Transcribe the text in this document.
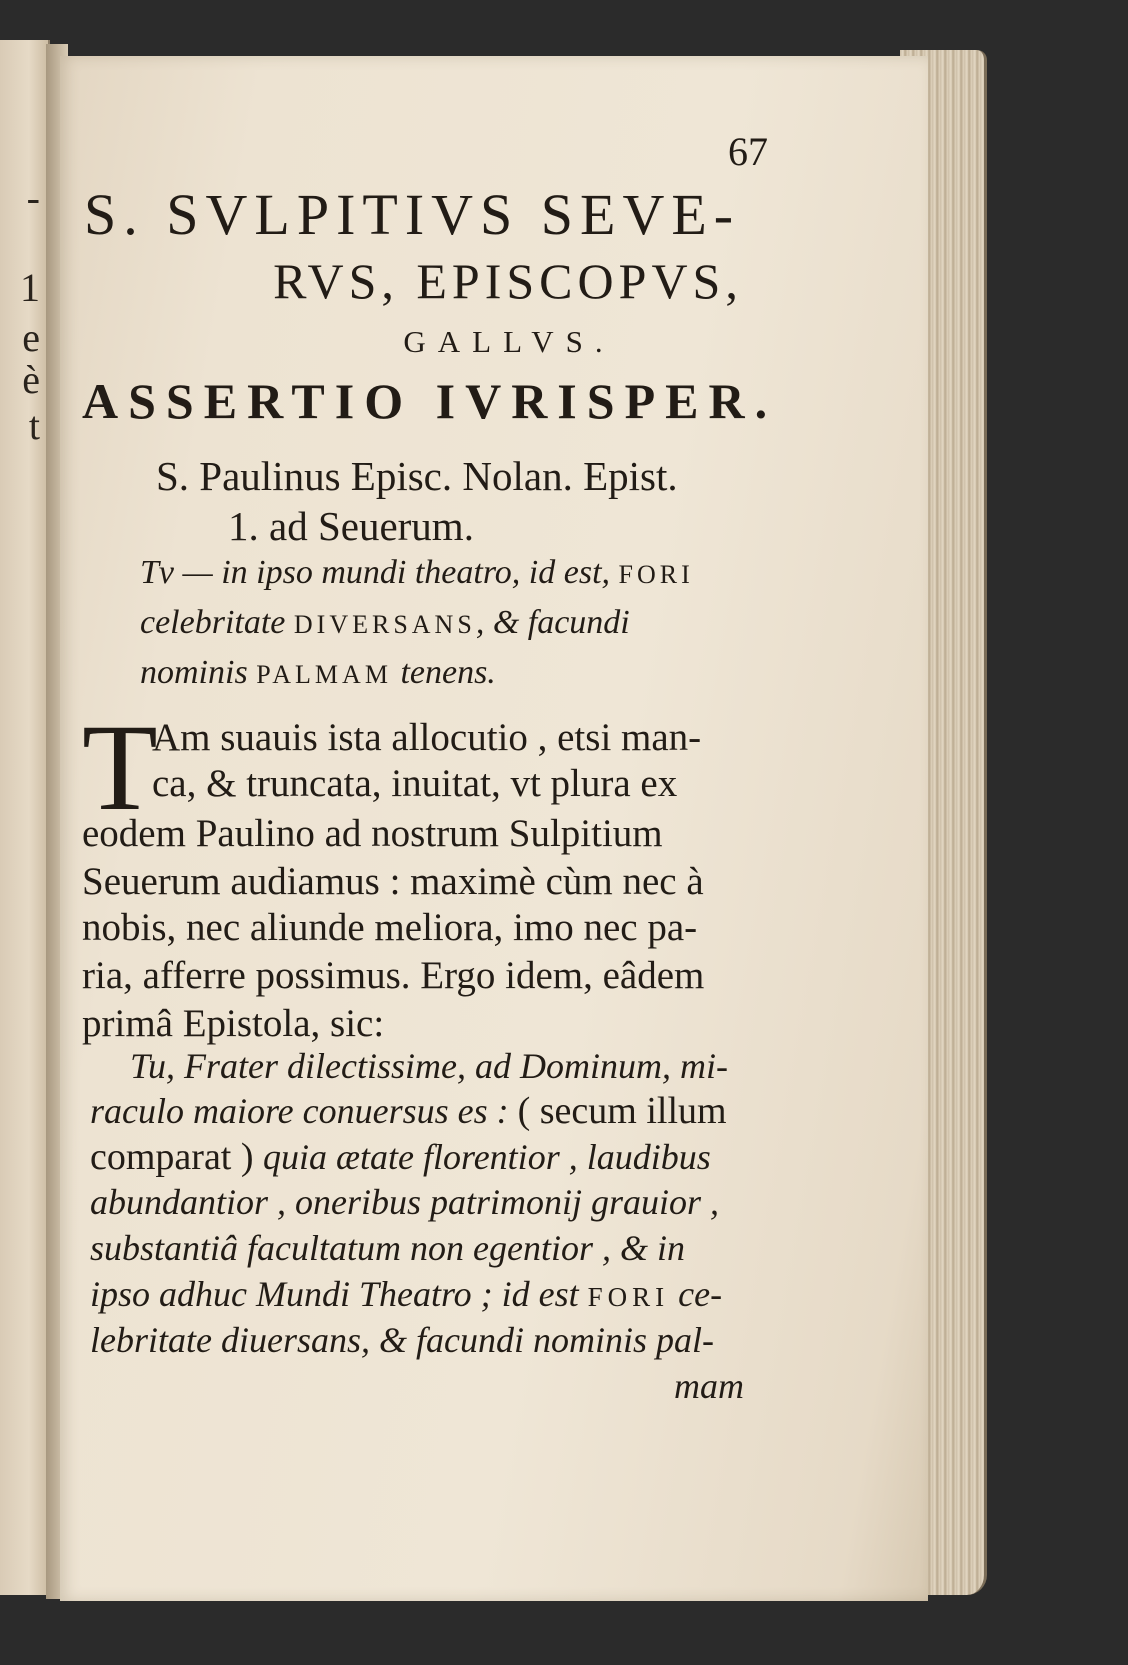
-
1
e
è
t
67
S. SVLPITIVS SEVE-
RVS, EPISCOPVS,
GALLVS.
ASSERTIO IVRISPER.
S. Paulinus Episc. Nolan. Epist.
1. ad Seuerum.
Tv — in ipso mundi theatro, id est, FORI
celebritate DIVERSANS, & facundi
nominis PALMAM tenens.
T
Am suauis ista allocutio , etsi man-
ca, & truncata, inuitat, vt plura ex
eodem Paulino ad nostrum Sulpitium
Seuerum audiamus : maximè cùm nec à
nobis, nec aliunde meliora, imo nec pa-
ria, afferre possimus. Ergo idem, eâdem
primâ Epistola, sic:
Tu, Frater dilectissime, ad Dominum, mi-
raculo maiore conuersus es : ( secum illum
comparat ) quia ætate florentior , laudibus
abundantior , oneribus patrimonij grauior ,
substantiâ facultatum non egentior , & in
ipso adhuc Mundi Theatro ; id est FORI ce-
lebritate diuersans, & facundi nominis pal-
mam
